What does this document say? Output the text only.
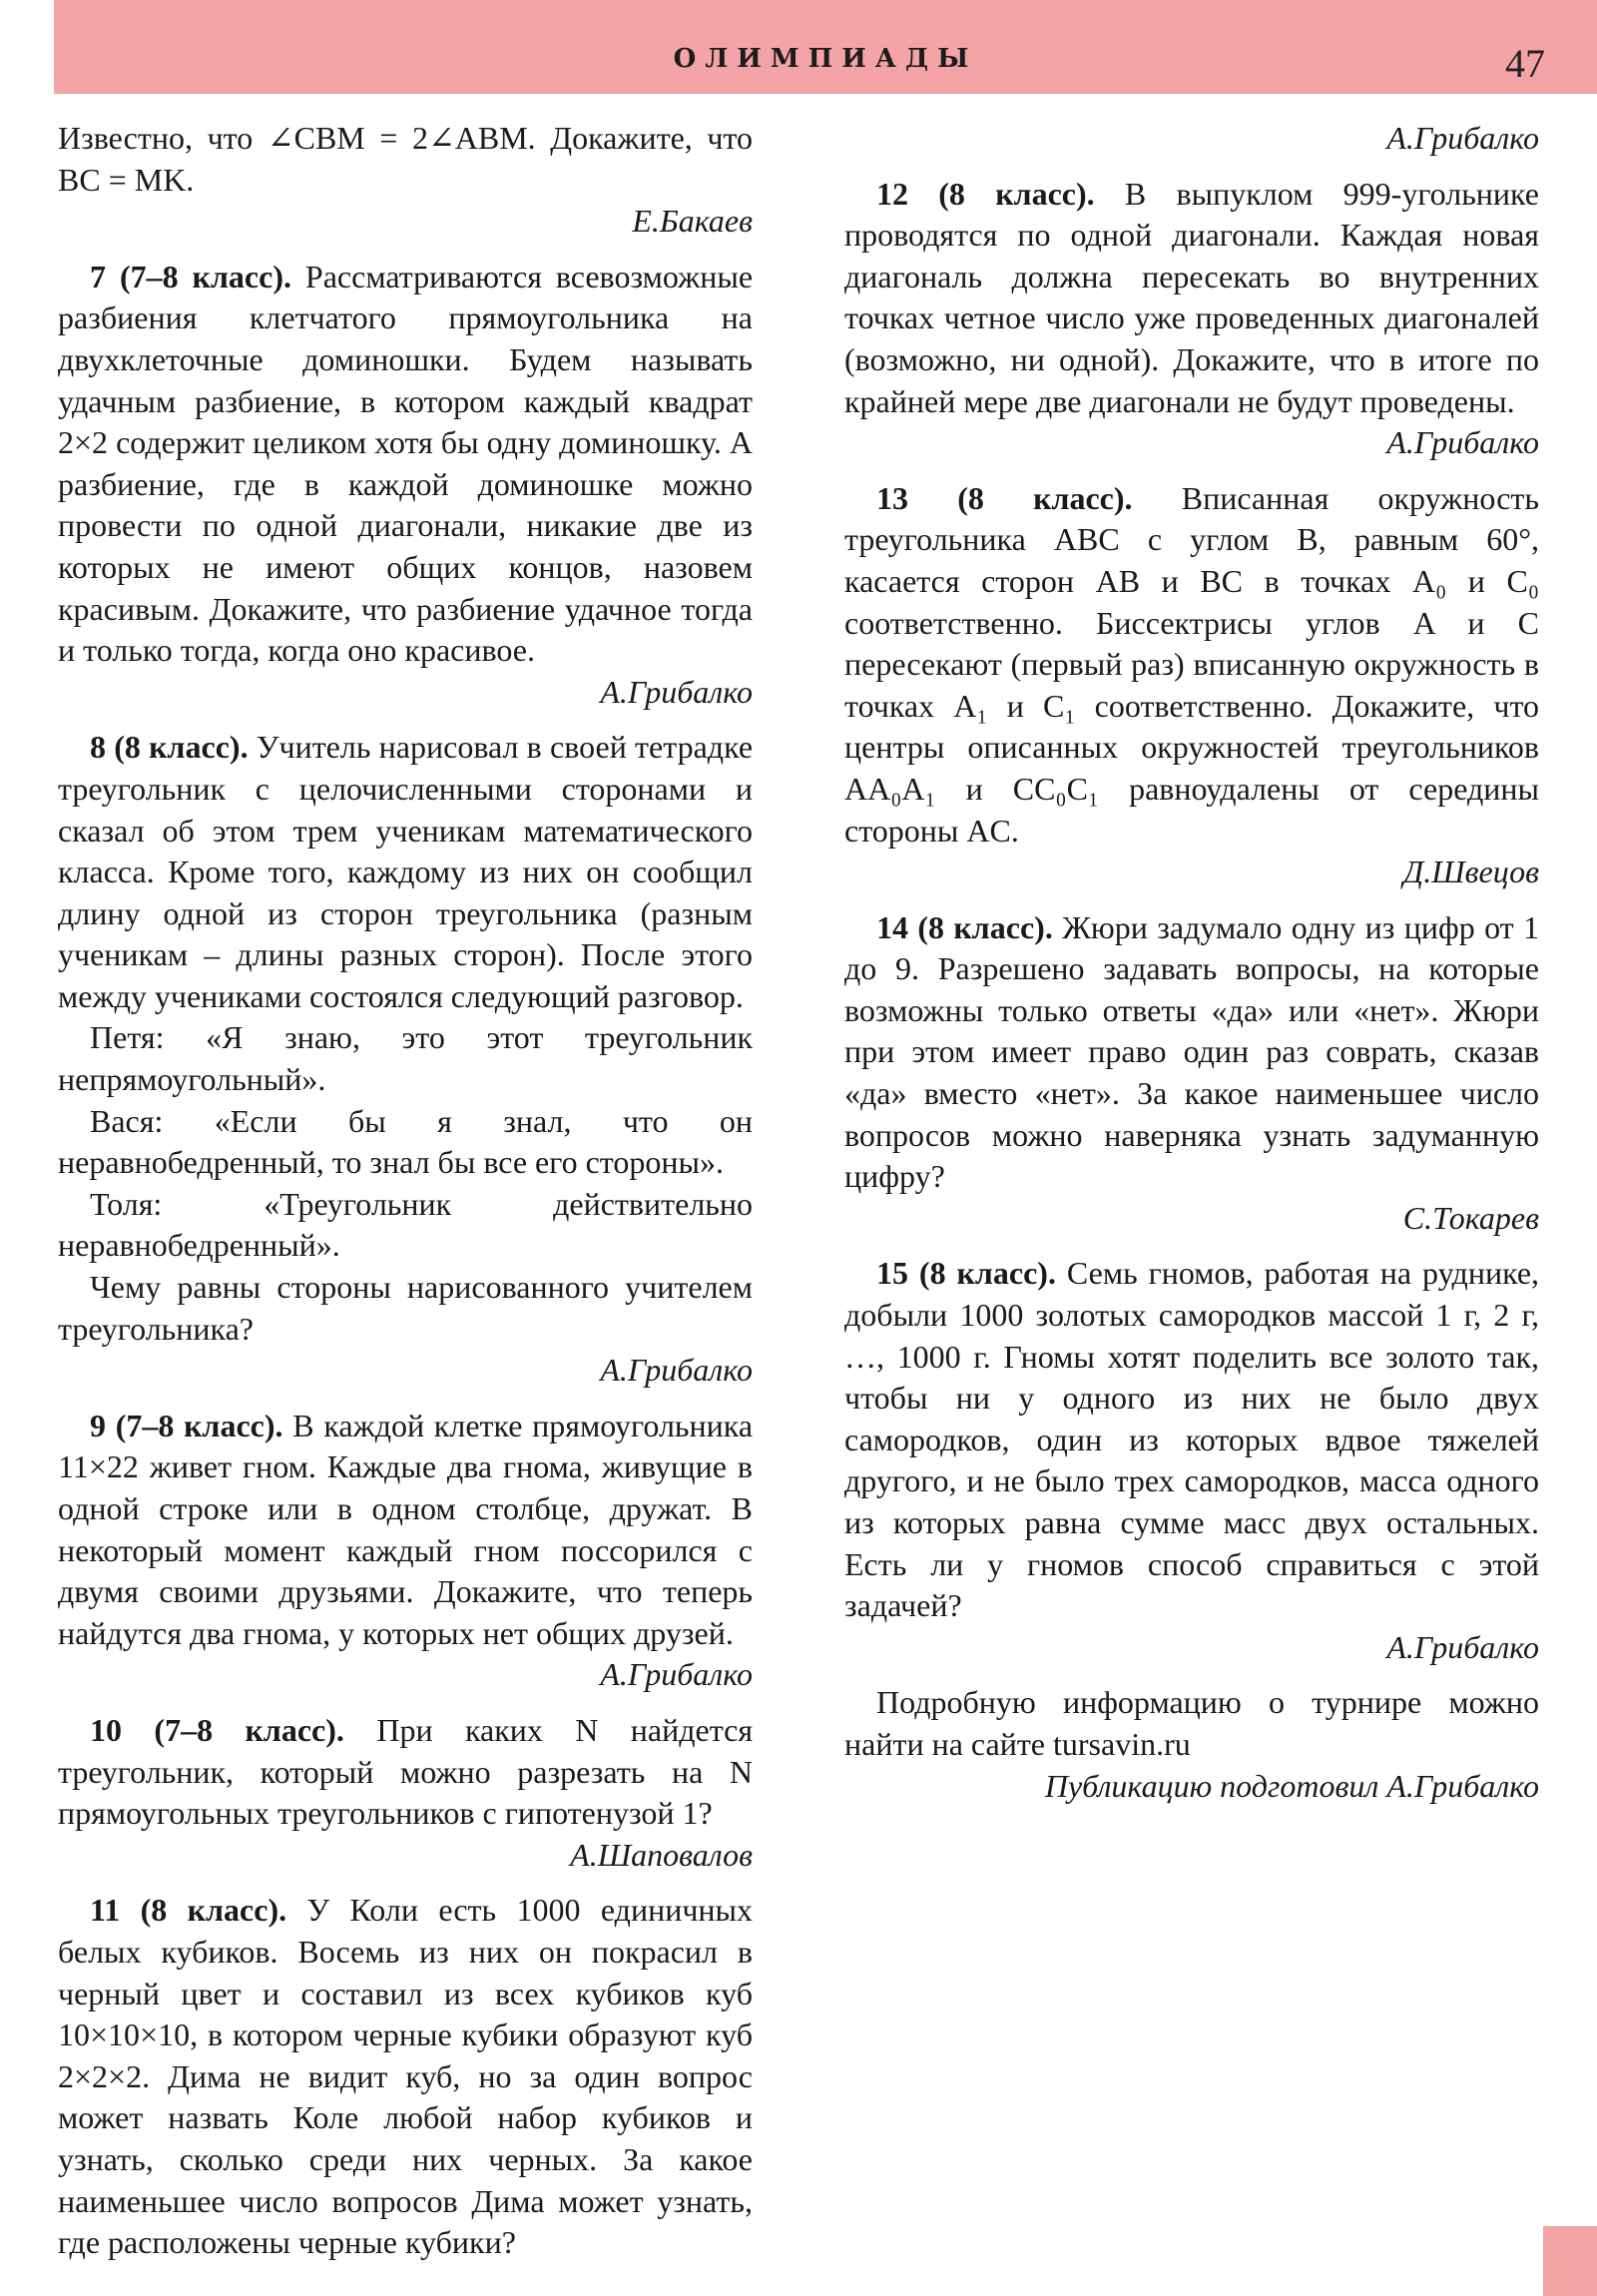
ОЛИМПИАДЫ	47

Известно, что ∠CBM = 2∠ABM. Докажите, что BC = MK.

Е.Бакаев

7 (7–8 класс). Рассматриваются всевозможные разбиения клетчатого прямоугольника на двухклеточные доминошки. Будем называть удачным разбиение, в котором каждый квадрат 2×2 содержит целиком хотя бы одну доминошку. А разбиение, где в каждой доминошке можно провести по одной диагонали, никакие две из которых не имеют общих концов, назовем красивым. Докажите, что разбиение удачное тогда и только тогда, когда оно красивое.

А.Грибалко

8 (8 класс). Учитель нарисовал в своей тетрадке треугольник с целочисленными сторонами и сказал об этом трем ученикам математического класса. Кроме того, каждому из них он сообщил длину одной из сторон треугольника (разным ученикам – длины разных сторон). После этого между учениками состоялся следующий разговор.

Петя: «Я знаю, это этот треугольник непрямоугольный».

Вася: «Если бы я знал, что он неравнобедренный, то знал бы все его стороны».

Толя: «Треугольник действительно неравнобедренный».

Чему равны стороны нарисованного учителем треугольника?

А.Грибалко

9 (7–8 класс). В каждой клетке прямоугольника 11×22 живет гном. Каждые два гнома, живущие в одной строке или в одном столбце, дружат. В некоторый момент каждый гном поссорился с двумя своими друзьями. Докажите, что теперь найдутся два гнома, у которых нет общих друзей.

А.Грибалко

10 (7–8 класс). При каких N найдется треугольник, который можно разрезать на N прямоугольных треугольников с гипотенузой 1?

А.Шаповалов

11 (8 класс). У Коли есть 1000 единичных белых кубиков. Восемь из них он покрасил в черный цвет и составил из всех кубиков куб 10×10×10, в котором черные кубики образуют куб 2×2×2. Дима не видит куб, но за один вопрос может назвать Коле любой набор кубиков и узнать, сколько среди них черных. За какое наименьшее число вопросов Дима может узнать, где расположены черные кубики?

А.Грибалко

12 (8 класс). В выпуклом 999-угольнике проводятся по одной диагонали. Каждая новая диагональ должна пересекать во внутренних точках четное число уже проведенных диагоналей (возможно, ни одной). Докажите, что в итоге по крайней мере две диагонали не будут проведены.

А.Грибалко

13 (8 класс). Вписанная окружность треугольника ABC с углом B, равным 60°, касается сторон AB и BC в точках A₀ и C₀ соответственно. Биссектрисы углов A и C пересекают (первый раз) вписанную окружность в точках A₁ и C₁ соответственно. Докажите, что центры описанных окружностей треугольников AA₀A₁ и CC₀C₁ равноудалены от середины стороны AC.

Д.Швецов

14 (8 класс). Жюри задумало одну из цифр от 1 до 9. Разрешено задавать вопросы, на которые возможны только ответы «да» или «нет». Жюри при этом имеет право один раз соврать, сказав «да» вместо «нет». За какое наименьшее число вопросов можно наверняка узнать задуманную цифру?

С.Токарев

15 (8 класс). Семь гномов, работая на руднике, добыли 1000 золотых самородков массой 1 г, 2 г, …, 1000 г. Гномы хотят поделить все золото так, чтобы ни у одного из них не было двух самородков, один из которых вдвое тяжелей другого, и не было трех самородков, масса одного из которых равна сумме масс двух остальных. Есть ли у гномов способ справиться с этой задачей?

А.Грибалко

Подробную информацию о турнире можно найти на сайте tursavin.ru

Публикацию подготовил А.Грибалко
